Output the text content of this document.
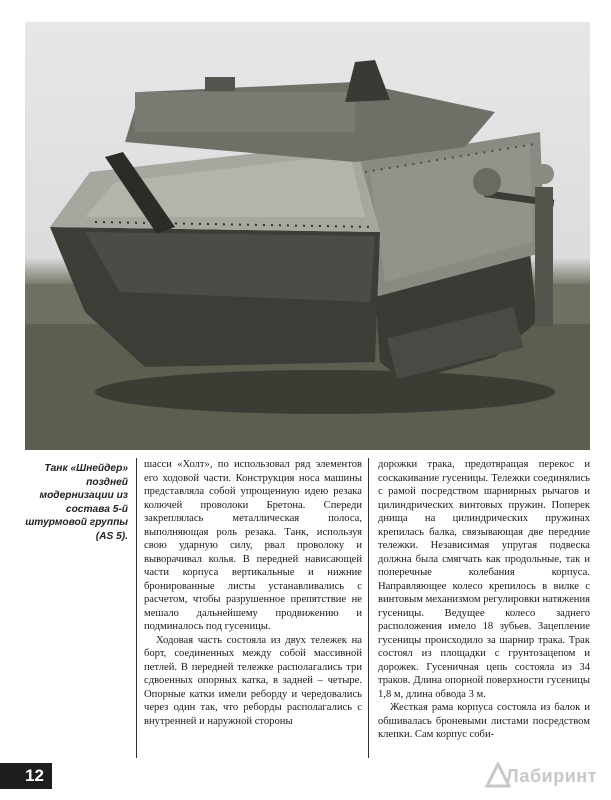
Танк «Шнейдер» поздней модернизации из состава 5-й штурмовой группы (AS 5).

шасси «Холт», по использовал ряд элементов его ходовой части. Конструкция носа машины представляла собой упрощенную идею резака колючей проволоки Бретона. Спереди закреплялась металлическая полоса, выполняющая роль резака. Танк, используя свою ударную силу, рвал проволоку и выворачивал колья. В передней нависающей части корпуса вертикальные и нижние бронированные листы устанавливались с расчетом, чтобы разрушенное препятствие не мешало дальнейшему продвижению и подминалось под гусеницы.

Ходовая часть состояла из двух тележек на борт, соединенных между собой массивной петлей. В передней тележке располагались три сдвоенных опорных катка, в задней – четыре. Опорные катки имели реборду и чередовались через один так, что реборды располагались с внутренней и наружной стороны

дорожки трака, предотвращая перекос и соскакивание гусеницы. Тележки соединялись с рамой посредством шарнирных рычагов и цилиндрических винтовых пружин. Поперек днища на цилиндрических пружинах крепилась балка, связывающая две передние тележки. Независимая упругая подвеска должна была смягчать как продольные, так и поперечные колебания корпуса. Направляющее колесо крепилось в вилке с винтовым механизмом регулировки натяжения гусеницы. Ведущее колесо заднего расположения имело 18 зубьев. Зацепление гусеницы происходило за шарнир трака. Трак состоял из площадки с грунтозацепом и дорожек. Гусеничная цепь состояла из 34 траков. Длина опорной поверхности гусеницы 1,8 м, длина обвода 3 м.

Жесткая рама корпуса состояла из балок и обшивалась броневыми листами посредством клепки. Сам корпус соби-

12	Лабиринт
